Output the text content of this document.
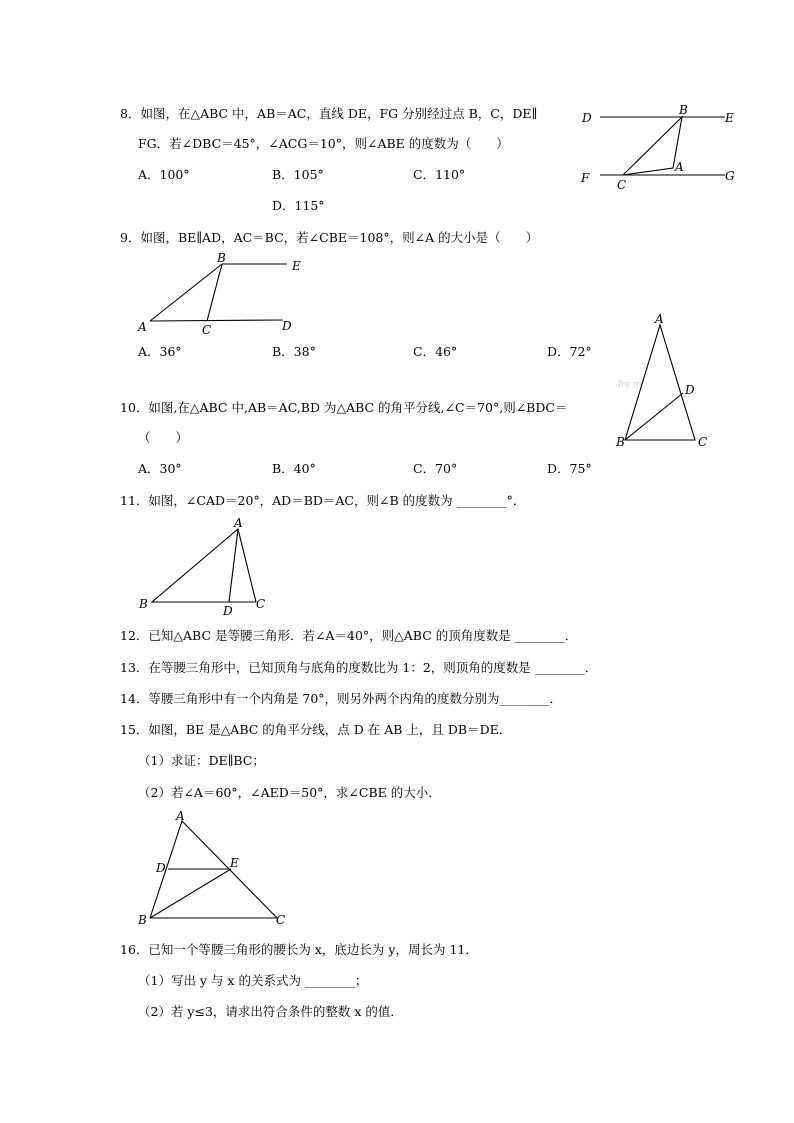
8．如图，在△ABC 中，AB＝AC，直线 DE，FG 分别经过点 B，C，DE∥
FG．若∠DBC＝45°，∠ACG＝10°，则∠ABE 的度数为（　　）
A．100°	B．105°	C．110°
D．115°
D
B
E
A
F C
G
9．如图，BE∥AD，AC＝BC，若∠CBE＝108°，则∠A 的大小是（　　）
B
E
A	C	D
A．36°	B．38°	C．46°	D．72°
Tre m
A
D
B	C
10．如图,在△ABC 中,AB＝AC,BD 为△ABC 的角平分线,∠C＝70°,则∠BDC＝
（　　）
A．30°	B．40°	C．70°	D．75°
11．如图，∠CAD＝20°，AD＝BD＝AC，则∠B 的度数为 ________°．
A
B	D C
12．已知△ABC 是等腰三角形．若∠A＝40°，则△ABC 的顶角度数是 ________．
13．在等腰三角形中，已知顶角与底角的度数比为 1：2，则顶角的度数是 ________．
14．等腰三角形中有一个内角是 70°，则另外两个内角的度数分别为________．
15．如图，BE 是△ABC 的角平分线，点 D 在 AB 上，且 DB＝DE．
（1）求证：DE∥BC；
（2）若∠A＝60°，∠AED＝50°，求∠CBE 的大小．
A
D	E
B	C
16．已知一个等腰三角形的腰长为 x，底边长为 y，周长为 11．
（1）写出 y 与 x 的关系式为 ________；
（2）若 y≤3，请求出符合条件的整数 x 的值．
